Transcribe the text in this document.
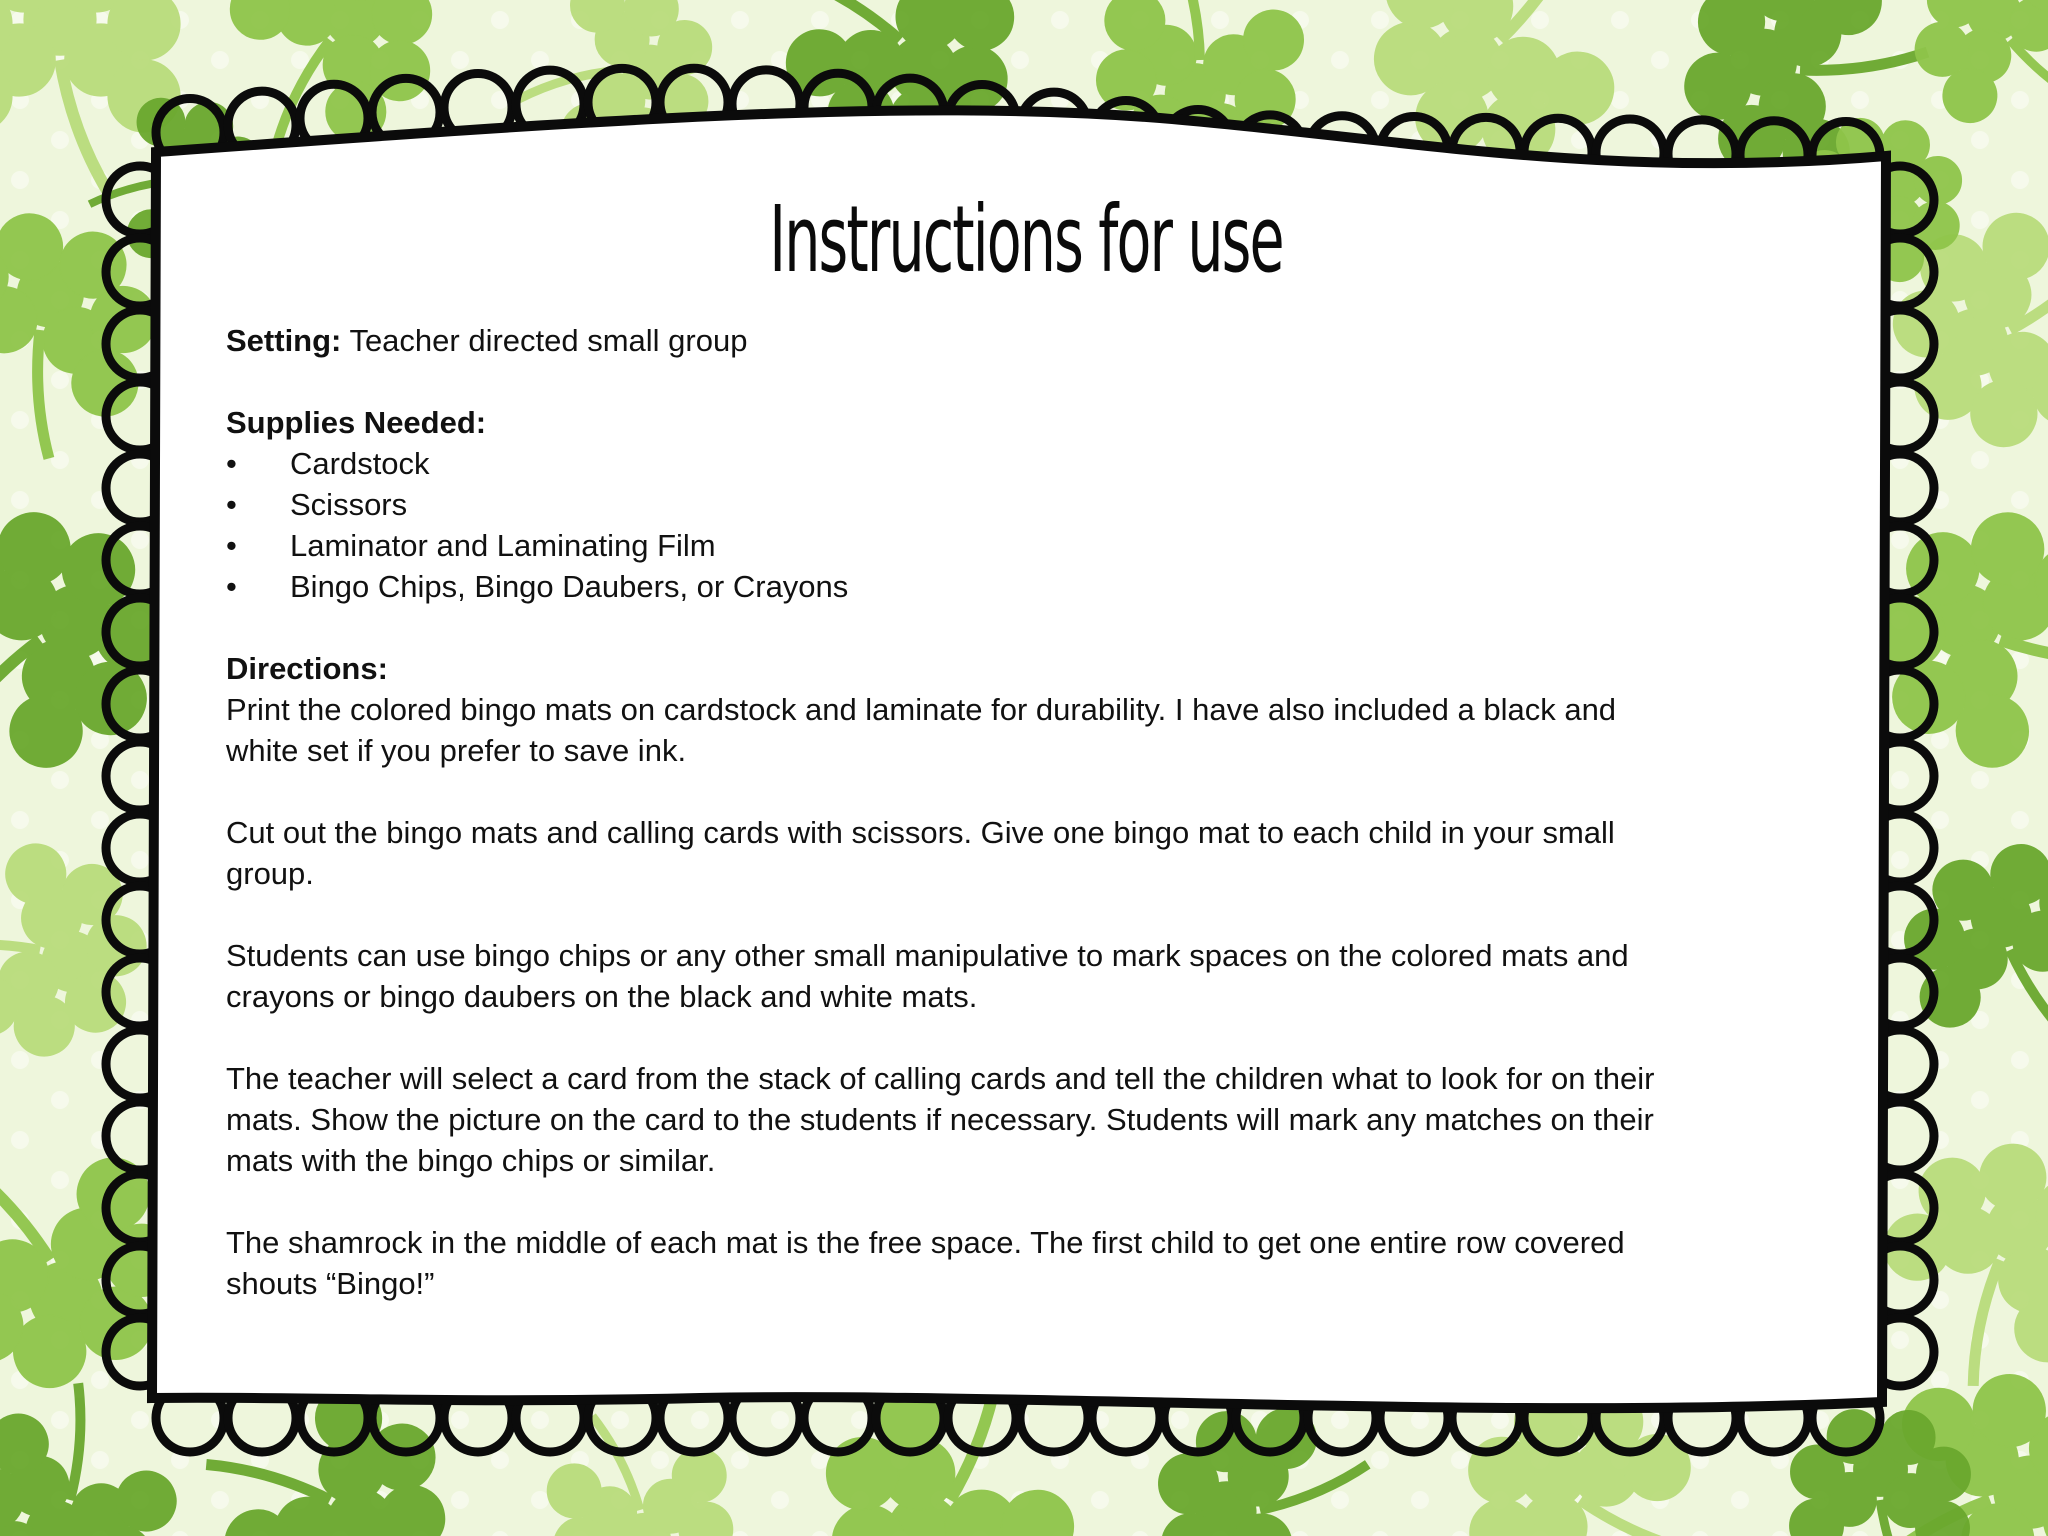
Instructions for use

Setting: Teacher directed small group

Supplies Needed:

•	Cardstock
•	Scissors
•	Laminator and Laminating Film
•	Bingo Chips, Bingo Daubers, or Crayons

Directions:

Print the colored bingo mats on cardstock and laminate for durability. I have also included a black and

white set if you prefer to save ink.

Cut out the bingo mats and calling cards with scissors. Give one bingo mat to each child in your small

group.

Students can use bingo chips or any other small manipulative to mark spaces on the colored mats and

crayons or bingo daubers on the black and white mats.

The teacher will select a card from the stack of calling cards and tell the children what to look for on their

mats. Show the picture on the card to the students if necessary. Students will mark any matches on their

mats with the bingo chips or similar.

The shamrock in the middle of each mat is the free space. The first child to get one entire row covered

shouts “Bingo!”
